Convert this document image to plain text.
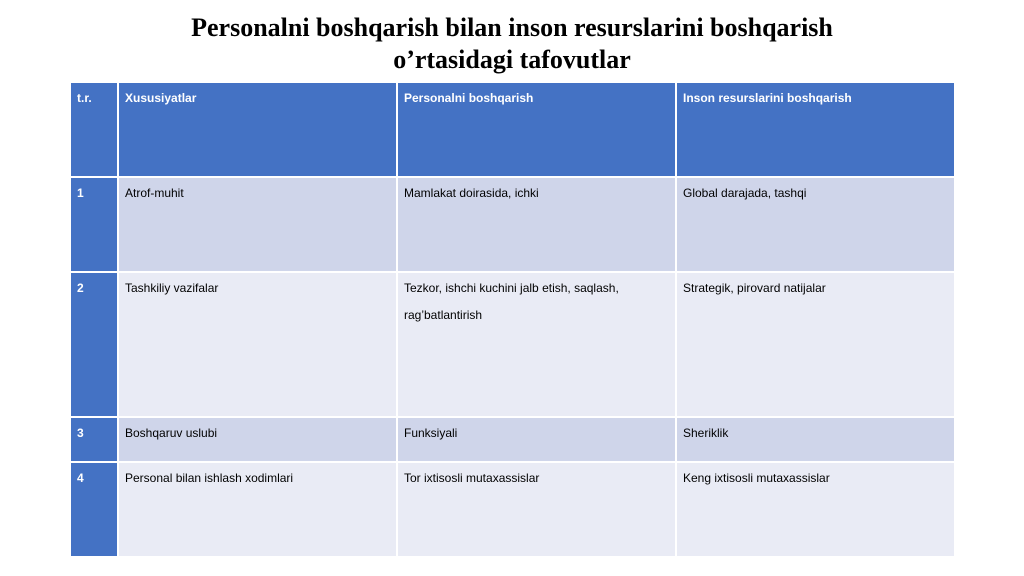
Personalni boshqarish bilan inson resurslarini boshqarish
o’rtasidagi tafovutlar
t.r.	Xususiyatlar	Personalni boshqarish	Inson resurslarini boshqarish
1	Atrof-muhit	Mamlakat doirasida, ichki	Global darajada, tashqi
2	Tashkiliy vazifalar	Tezkor, ishchi kuchini jalb etish, saqlash, rag’batlantirish	Strategik, pirovard natijalar
3	Boshqaruv uslubi	Funksiyali	Sheriklik
4	Personal bilan ishlash xodimlari	Tor ixtisosli mutaxassislar	Keng ixtisosli mutaxassislar
